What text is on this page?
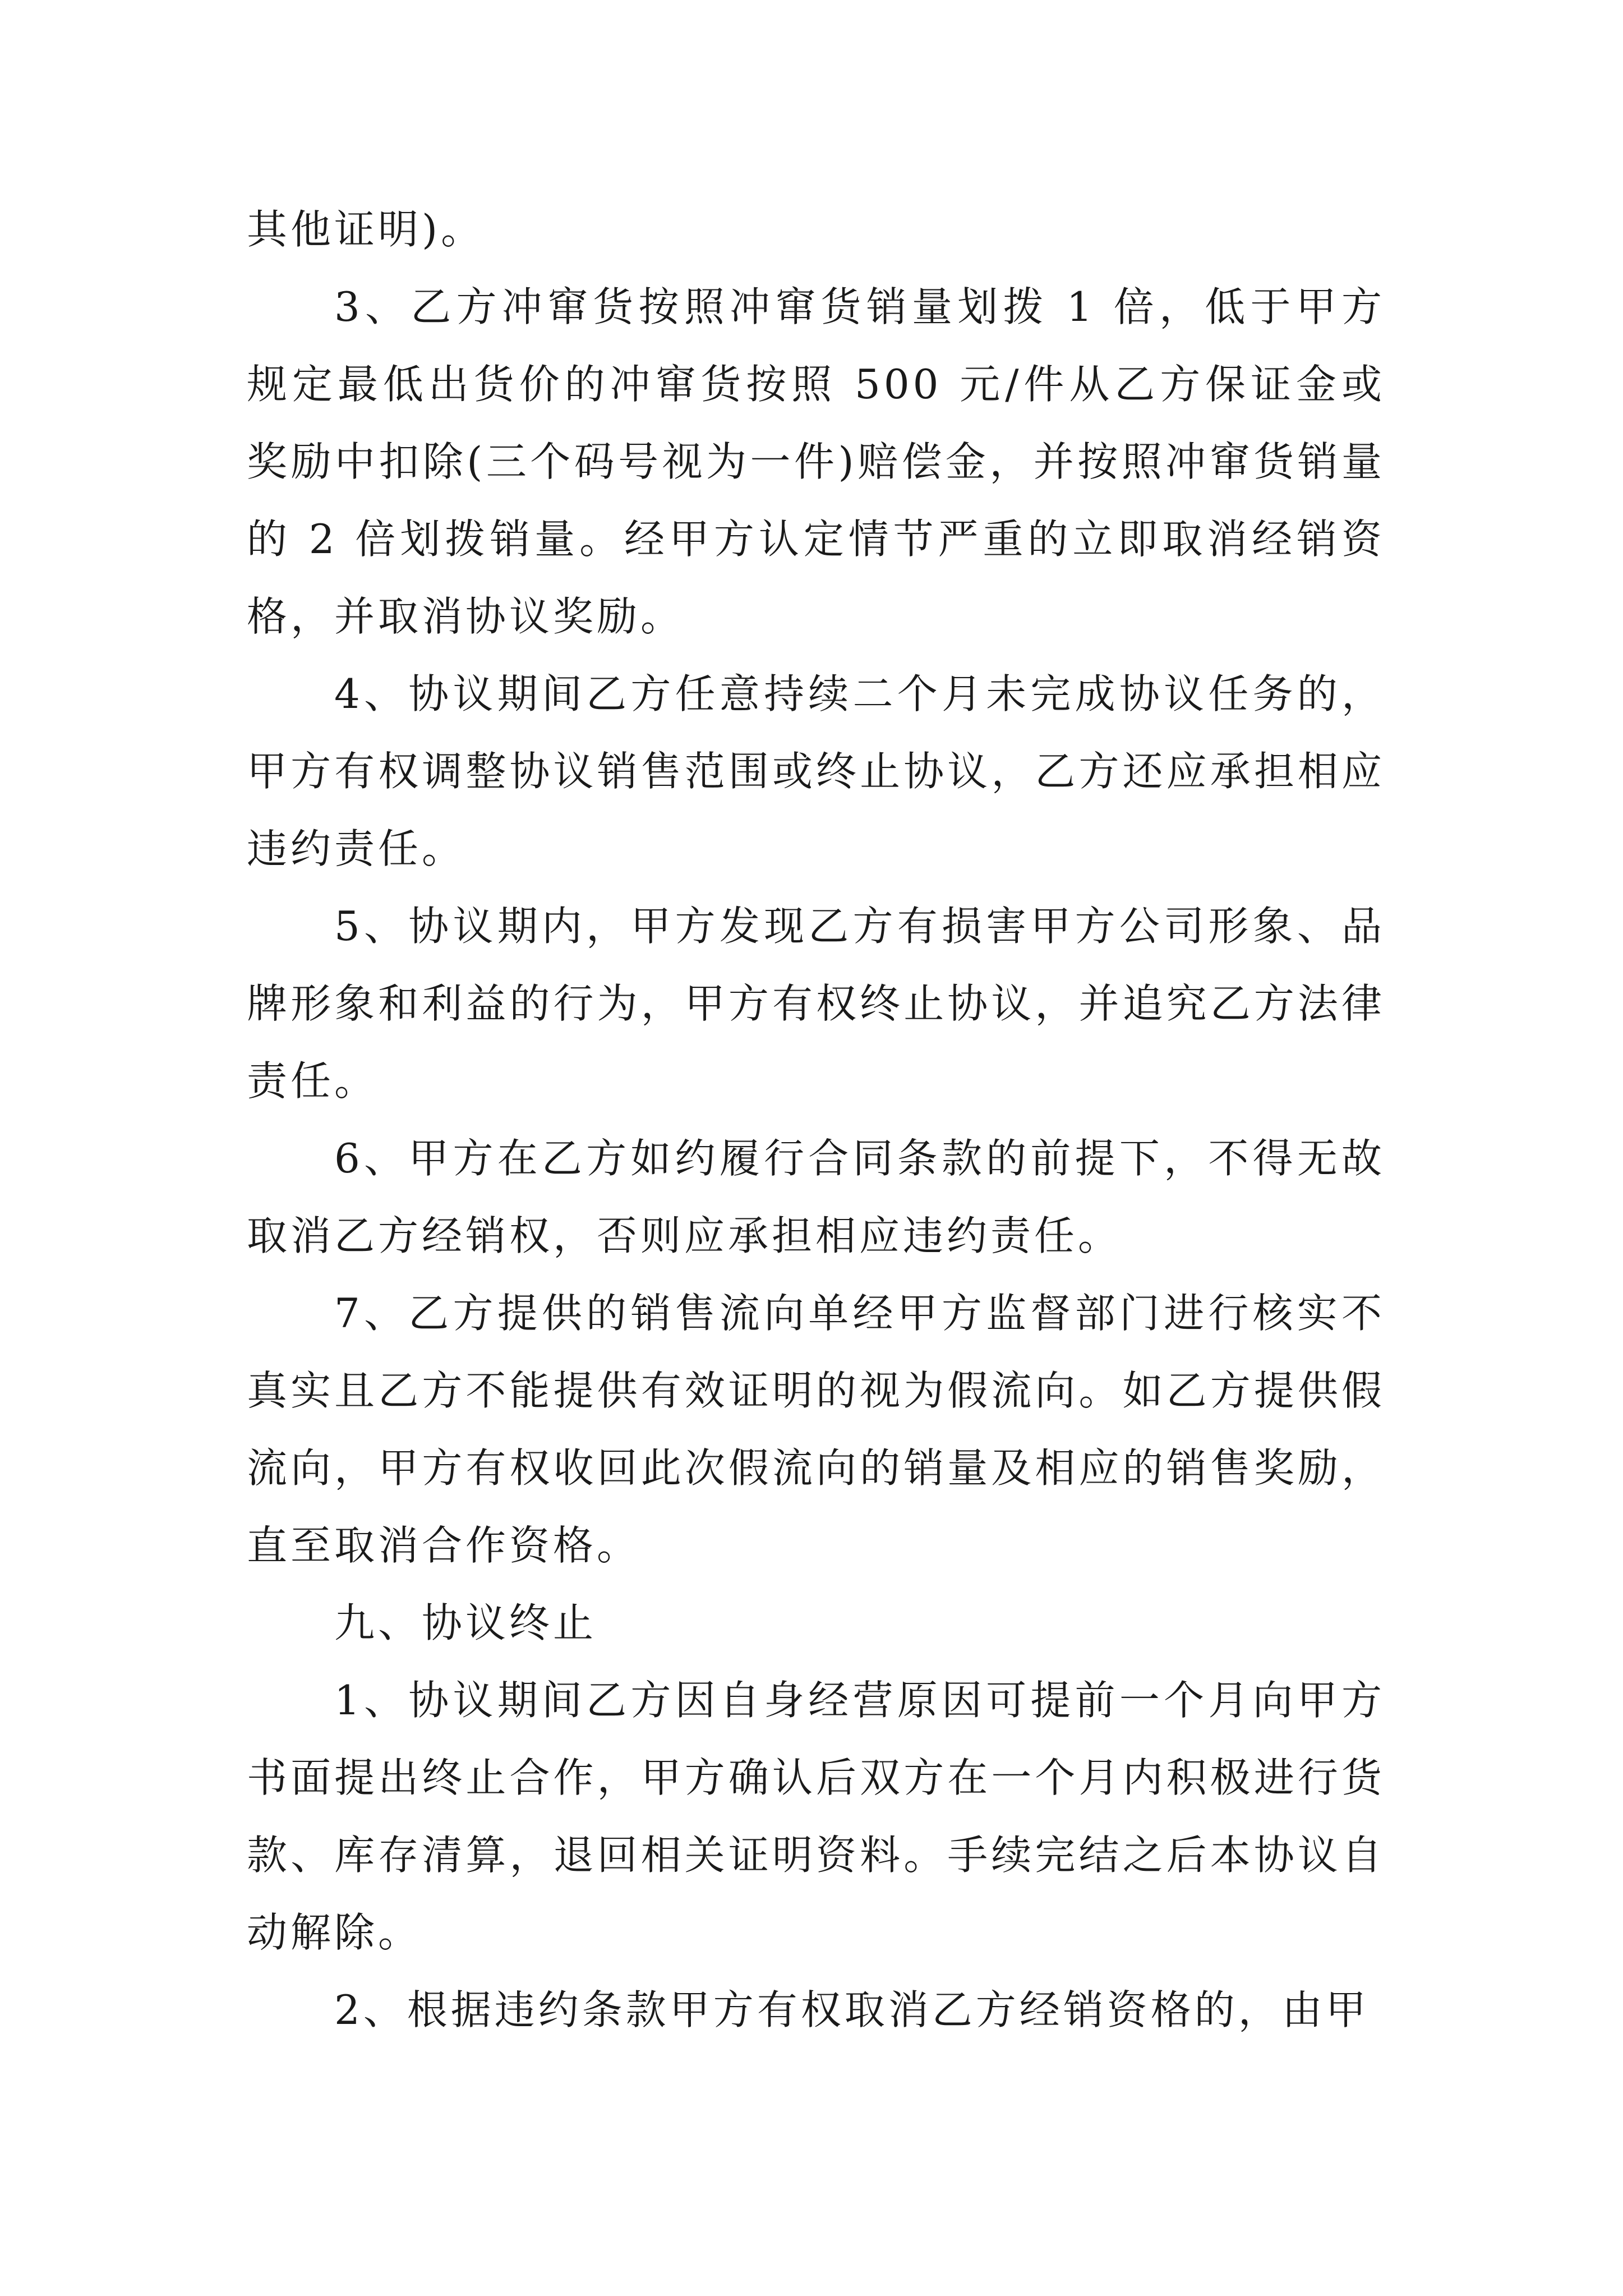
其他证明)。

3、乙方冲窜货按照冲窜货销量划拨 1 倍，低于甲方规定最低出货价的冲窜货按照 500 元/件从乙方保证金或奖励中扣除(三个码号视为一件)赔偿金，并按照冲窜货销量的 2 倍划拨销量。经甲方认定情节严重的立即取消经销资格，并取消协议奖励。

4、协议期间乙方任意持续二个月未完成协议任务的，甲方有权调整协议销售范围或终止协议，乙方还应承担相应违约责任。

5、协议期内，甲方发现乙方有损害甲方公司形象、品牌形象和利益的行为，甲方有权终止协议，并追究乙方法律责任。

6、甲方在乙方如约履行合同条款的前提下，不得无故取消乙方经销权，否则应承担相应违约责任。

7、乙方提供的销售流向单经甲方监督部门进行核实不真实且乙方不能提供有效证明的视为假流向。如乙方提供假流向，甲方有权收回此次假流向的销量及相应的销售奖励，直至取消合作资格。

九、协议终止

1、协议期间乙方因自身经营原因可提前一个月向甲方书面提出终止合作，甲方确认后双方在一个月内积极进行货款、库存清算，退回相关证明资料。手续完结之后本协议自动解除。

2、根据违约条款甲方有权取消乙方经销资格的，由甲
